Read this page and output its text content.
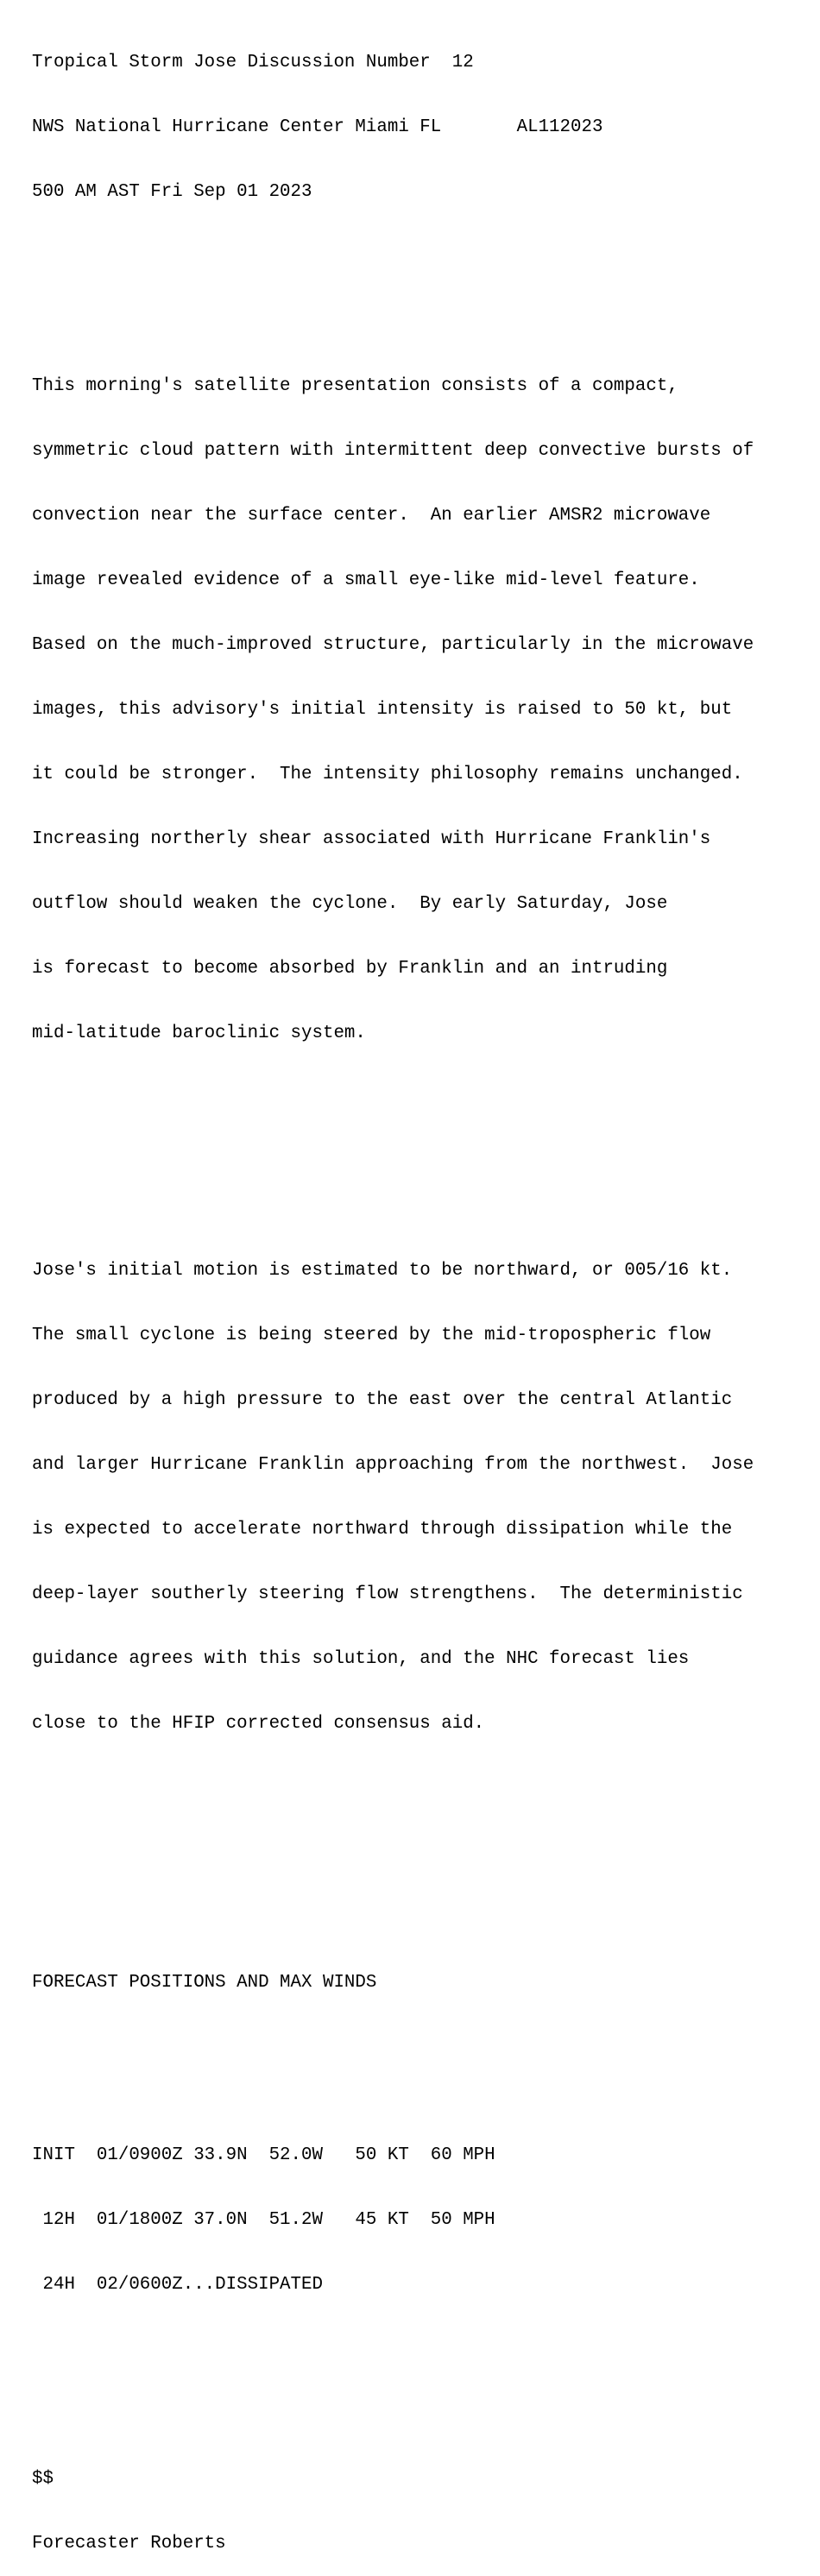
Tropical Storm Jose Discussion Number  12

NWS National Hurricane Center Miami FL       AL112023

500 AM AST Fri Sep 01 2023

This morning's satellite presentation consists of a compact,

symmetric cloud pattern with intermittent deep convective bursts of

convection near the surface center.  An earlier AMSR2 microwave

image revealed evidence of a small eye-like mid-level feature.

Based on the much-improved structure, particularly in the microwave

images, this advisory's initial intensity is raised to 50 kt, but

it could be stronger.  The intensity philosophy remains unchanged.

Increasing northerly shear associated with Hurricane Franklin's

outflow should weaken the cyclone.  By early Saturday, Jose

is forecast to become absorbed by Franklin and an intruding

mid-latitude baroclinic system.

Jose's initial motion is estimated to be northward, or 005/16 kt.

The small cyclone is being steered by the mid-tropospheric flow

produced by a high pressure to the east over the central Atlantic

and larger Hurricane Franklin approaching from the northwest.  Jose

is expected to accelerate northward through dissipation while the

deep-layer southerly steering flow strengthens.  The deterministic

guidance agrees with this solution, and the NHC forecast lies

close to the HFIP corrected consensus aid.

FORECAST POSITIONS AND MAX WINDS

INIT  01/0900Z 33.9N  52.0W   50 KT  60 MPH

12H  01/1800Z 37.0N  51.2W   45 KT  50 MPH

24H  02/0600Z...DISSIPATED

$$

Forecaster Roberts
